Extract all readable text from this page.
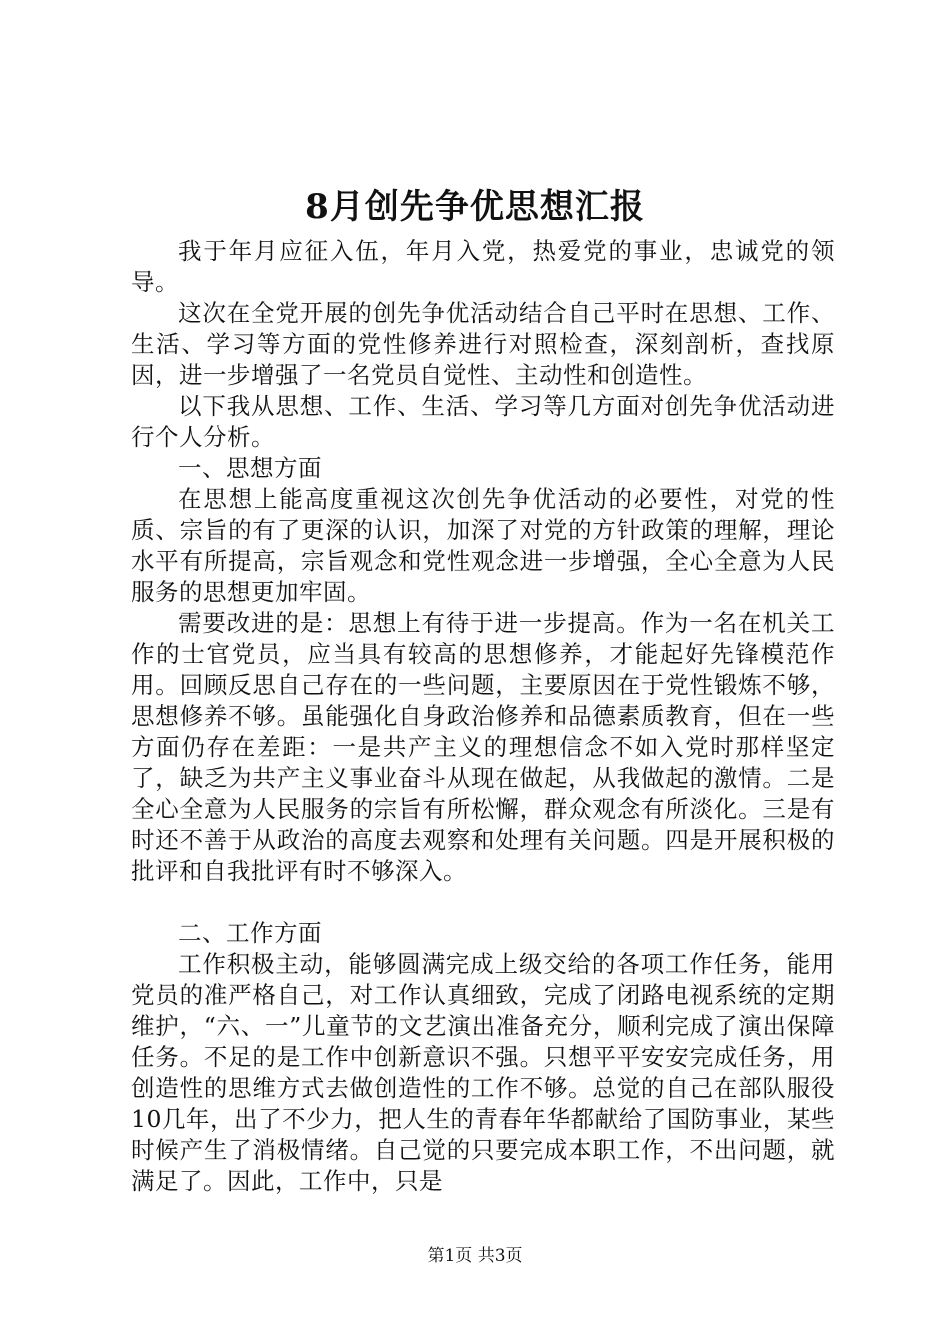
8月创先争优思想汇报

我于年月应征入伍，年月入党，热爱党的事业，忠诚党的领导。

这次在全党开展的创先争优活动结合自己平时在思想、工作、生活、学习等方面的党性修养进行对照检查，深刻剖析，查找原因，进一步增强了一名党员自觉性、主动性和创造性。

以下我从思想、工作、生活、学习等几方面对创先争优活动进行个人分析。

一、思想方面

在思想上能高度重视这次创先争优活动的必要性，对党的性质、宗旨的有了更深的认识，加深了对党的方针政策的理解，理论水平有所提高，宗旨观念和党性观念进一步增强，全心全意为人民服务的思想更加牢固。

需要改进的是：思想上有待于进一步提高。作为一名在机关工作的士官党员，应当具有较高的思想修养，才能起好先锋模范作用。回顾反思自己存在的一些问题，主要原因在于党性锻炼不够，思想修养不够。虽能强化自身政治修养和品德素质教育，但在一些方面仍存在差距：一是共产主义的理想信念不如入党时那样坚定了，缺乏为共产主义事业奋斗从现在做起，从我做起的激情。二是全心全意为人民服务的宗旨有所松懈，群众观念有所淡化。三是有时还不善于从政治的高度去观察和处理有关问题。四是开展积极的批评和自我批评有时不够深入。

二、工作方面

工作积极主动，能够圆满完成上级交给的各项工作任务，能用党员的准严格自己，对工作认真细致，完成了闭路电视系统的定期维护，“六、一”儿童节的文艺演出准备充分，顺利完成了演出保障任务。不足的是工作中创新意识不强。只想平平安安完成任务，用创造性的思维方式去做创造性的工作不够。总觉的自己在部队服役10几年，出了不少力，把人生的青春年华都献给了国防事业，某些时候产生了消极情绪。自己觉的只要完成本职工作，不出问题，就满足了。因此，工作中，只是

第1页 共3页
